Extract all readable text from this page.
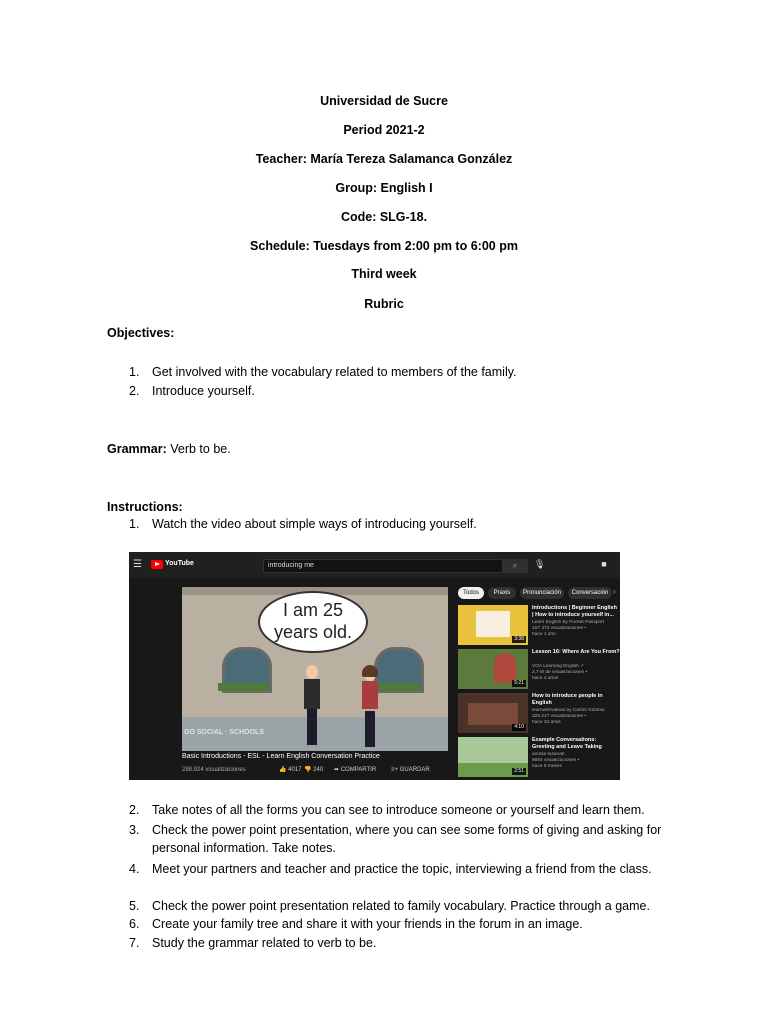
Universidad de Sucre
Period 2021-2
Teacher: María Tereza Salamanca González
Group: English I
Code: SLG-18.
Schedule: Tuesdays from 2:00 pm to 6:00 pm
Third week
Rubric
Objectives:
1. Get involved with the vocabulary related to members of the family.
2. Introduce yourself.
Grammar: Verb to be.
Instructions:
1. Watch the video about simple ways of introducing yourself.
☰	YouTube	introducing me	⌕	🎙	■
I am 25 years old.
GO SOCIAL · SCHOOLS
Basic Introductions - ESL - Learn English Conversation Practice
288.924 visualizaciones	👍 4017 👎 240 ➦ COMPARTIR ≡+ GUARDAR
Todos	Praxis	Pronunciación	Conversación ›
3:38
Introductions | Beginner English | How to introduce yourself in...
Learn English by Pocket Passport
107 473 visualizaciones •
hace 1 año
5:21
Lesson 16: Where Are You From?
VOA Learning English ✓
2,7 M de visualizaciones •
hace 4 años
4:10
How to introduce people in English
learnwithvideos by Carlos Gontow
328.217 visualizaciones •
hace 10 años
2:51
Example Conversations: Greeting and Leave Taking
annisa fusanah
8664 visualizaciones •
hace 9 meses
2. Take notes of all the forms you can see to introduce someone or yourself and learn them.
3. Check the power point presentation, where you can see some forms of giving and asking for personal information. Take notes.
4. Meet your partners and teacher and practice the topic, interviewing a friend from the class.
5. Check the power point presentation related to family vocabulary. Practice through a game.
6. Create your family tree and share it with your friends in the forum in an image.
7. Study the grammar related to verb to be.
